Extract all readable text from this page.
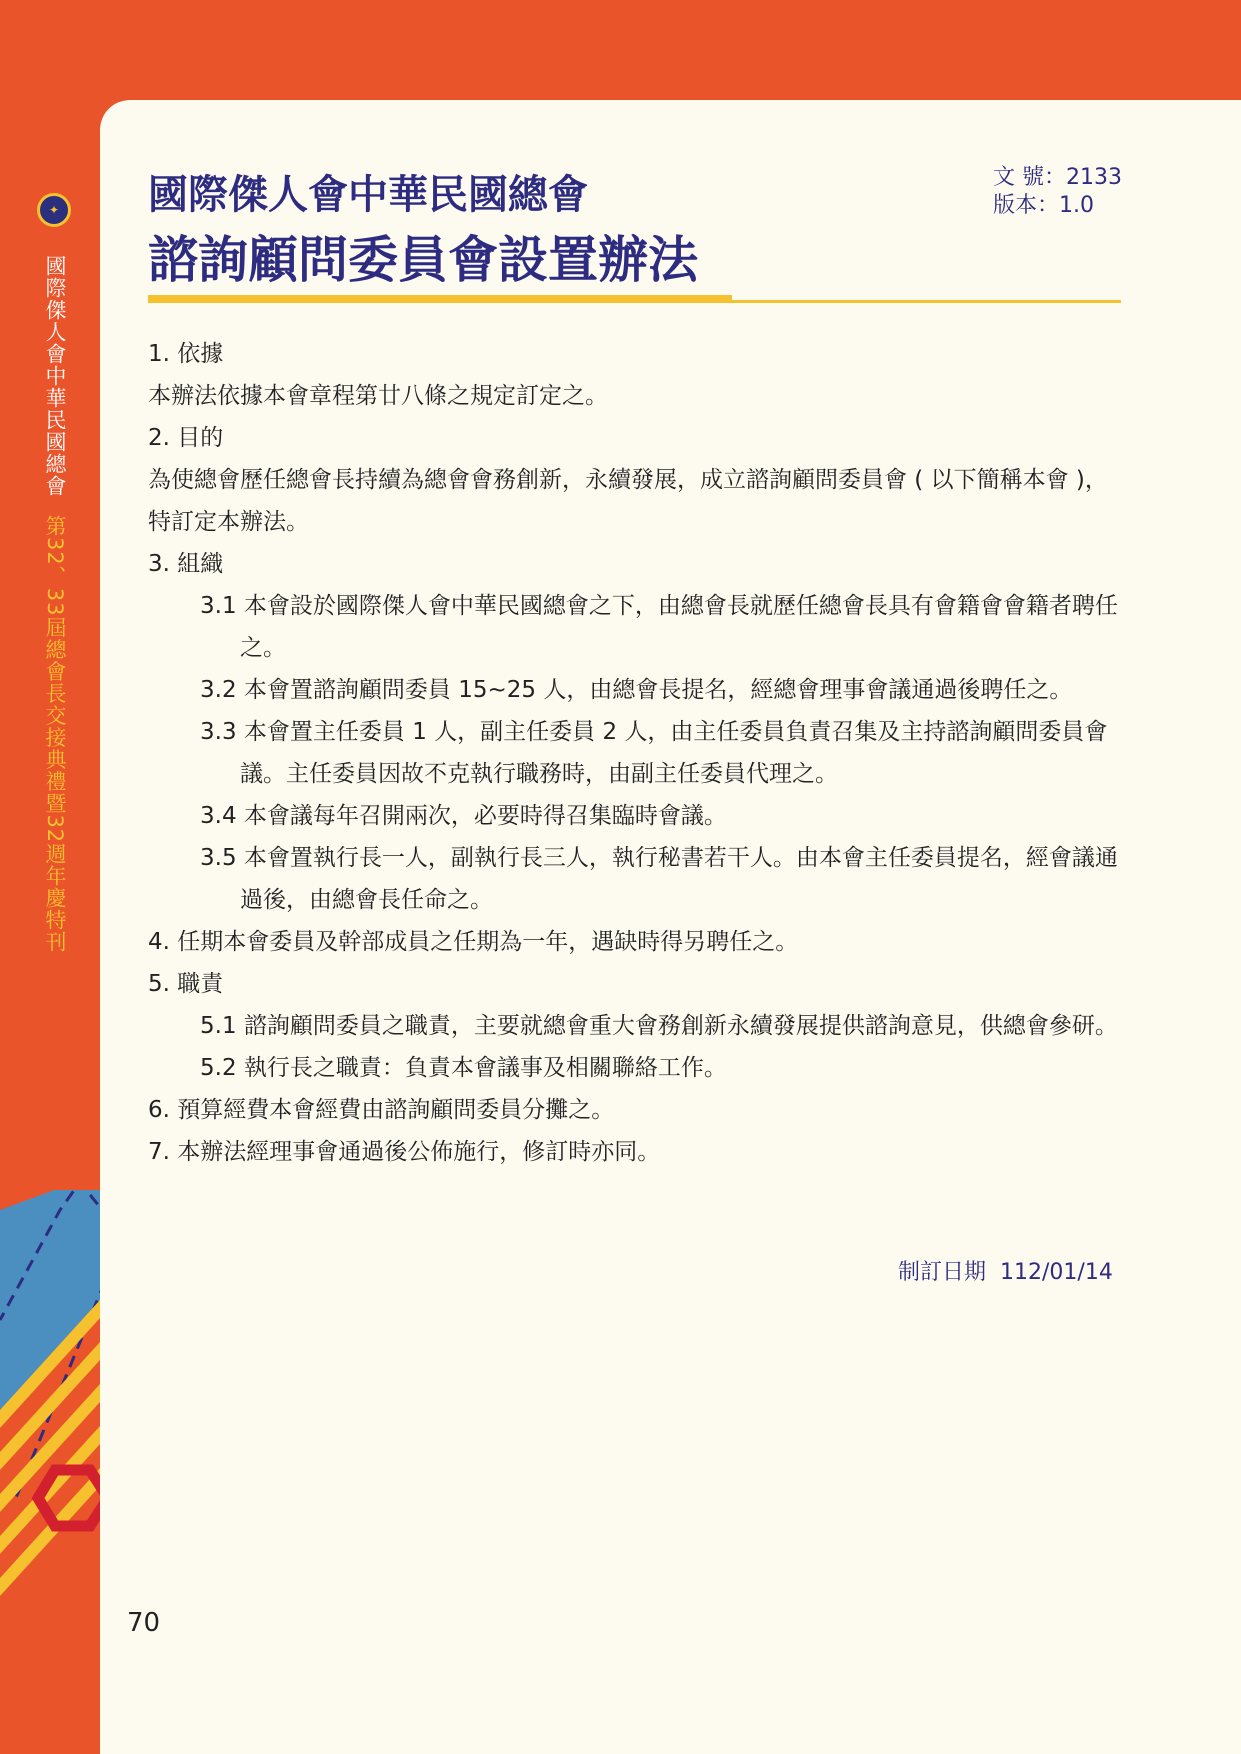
✦
國際傑人會中華民國總會第32、33屆總會長交接典禮暨32週年慶特刊
國際傑人會中華民國總會
諮詢顧問委員會設置辦法
文 號：2133
版本：1.0

1. 依據

本辦法依據本會章程第廿八條之規定訂定之。

2. 目的

為使總會歷任總會長持續為總會會務創新，永續發展，成立諮詢顧問委員會 ( 以下簡稱本會 )，特訂定本辦法。

3. 組織

3.1 本會設於國際傑人會中華民國總會之下，由總會長就歷任總會長具有會籍會會籍者聘任之。

3.2 本會置諮詢顧問委員 15~25 人，由總會長提名，經總會理事會議通過後聘任之。

3.3 本會置主任委員 1 人，副主任委員 2 人，由主任委員負責召集及主持諮詢顧問委員會議。主任委員因故不克執行職務時，由副主任委員代理之。

3.4 本會議每年召開兩次，必要時得召集臨時會議。

3.5 本會置執行長一人，副執行長三人，執行秘書若干人。由本會主任委員提名，經會議通過後，由總會長任命之。

4. 任期本會委員及幹部成員之任期為一年，遇缺時得另聘任之。

5. 職責

5.1 諮詢顧問委員之職責，主要就總會重大會務創新永續發展提供諮詢意見，供總會參研。

5.2 執行長之職責：負責本會議事及相關聯絡工作。

6. 預算經費本會經費由諮詢顧問委員分攤之。

7. 本辦法經理事會通過後公佈施行，修訂時亦同。

制訂日期 112/01/14
70
